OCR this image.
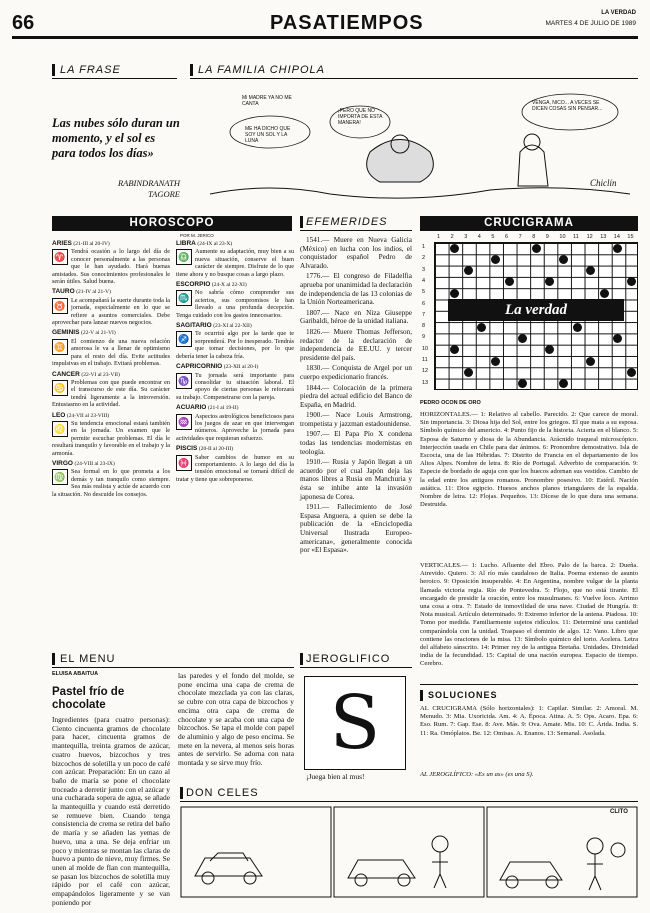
66	PASATIEMPOS	LA VERDAD
MARTES 4 DE JULIO DE 1989
LA FRASE
Las nubes sólo duran un momento, y el sol es para todos los días»
RABINDRANATH TAGORE
LA FAMILIA CHIPOLA
Mi MADRE YA NO ME CANTA
¡PERO QUE NO IMPORTA DE ESTA MANERA!
ME HA DICHO QUE SOY UN SOL Y LA LUNA
VENGA, NICO... A VECES SE DICEN COSAS SIN PENSAR...
Chiclín
HOROSCOPO
POR M. JERICO
ARIES (21-III al 20-IV)

♈
Tendrá ocasión a lo largo del día de conocer personalmente a las personas que le han ayudado. Hará buenas amistades. Sus conocimientos profesionales le serán útiles. Salud buena.
TAURO (21-IV al 21-V)

♉
Le acompañará la suerte durante toda la jornada, especialmente en lo que se refiere a asuntos comerciales. Debe aprovechar para lanzar nuevos negocios.
GEMINIS (22-V al 21-VI)

♊
El comienzo de una nueva relación amorosa le va a llenar de optimismo para el resto del día. Evite actitudes impulsivas en el trabajo. Evitará problemas.
CANCER (22-VI al 23-VII)

♋
Problemas con que puede encontrar en el transcurso de este día. Su carácter tendrá ligeramente a la introversión. Entusiasmo en la actividad.
LEO (24-VII al 23-VIII)

♌
Su tendencia emocional estará también en la jornada. Un examen que le permite escuchar problemas. El día le resultará tranquilo y favorable en el trabajo y la armonía.
VIRGO (24-VIII al 23-IX)

♍
Sea formal en lo que prometa a los demás y tan tranquilo como siempre. Sea más realista y actúe de acuerdo con la situación. No descuide los consejos.
LIBRA (24-IX al 23-X)

♎
Aumente su adaptación, muy bien a su nueva situación, conserve el buen carácter de siempre. Disfrute de lo que tiene ahora y no busque cosas a largo plazo.
ESCORPIO (24-X al 22-XI)

♏
No sabría cómo comprender sus aciertos, sus compromisos le han llevado a una profunda decepción. Tenga cuidado con los gastos innecesarios.
SAGITARIO (23-XI al 22-XII)

♐
Te ocurrirá algo por la tarde que te sorprenderá. Por lo inesperado. Tendrás que tomar decisiones, por lo que debería tener la cabeza fría.
CAPRICORNIO (23-XII al 20-I)

♑
Tu jornada será importante para consolidar tu situación laboral. El apoyo de ciertas personas le reforzará su trabajo. Compenetrarse con la pareja.
ACUARIO (21-I al 19-II)

♒
Aspectos astrológicos beneficiosos para los juegos de azar en que intervengan números. Aproveche la jornada para actividades que requieran esfuerzo.
PISCIS (20-II al 20-III)

♓
Saber cambios de humor en su comportamiento. A lo largo del día la tensión emocional se tornará difícil de tratar y tiene que sobreponerse.
EFEMERIDES

1541.— Muere en Nueva Galicia (México) en lucha con los indios, el conquistador español Pedro de Alvarado.

1776.— El congreso de Filadelfia aprueba por unanimidad la declaración de independencia de las 13 colonias de la Unión Norteamericana.

1807.— Nace en Niza Giuseppe Garibaldi, héroe de la unidad italiana.

1826.— Muere Thomas Jefferson, redactor de la declaración de independencia de EE.UU. y tercer presidente del país.

1830.— Conquista de Argel por un cuerpo expedicionario francés.

1844.— Colocación de la primera piedra del actual edificio del Banco de España, en Madrid.

1900.— Nace Louis Armstrong, trompetista y jazzman estadounidense.

1907.— El Papa Pío X condena todas las tendencias modernistas en teología.

1910.— Rusia y Japón llegan a un acuerdo por el cual Japón deja las manos libres a Rusia en Manchuria y ésta se inhibe ante la invasión japonesa de Corea.

1911.— Fallecimiento de José Espasa Anguera, a quien se debe la publicación de la «Enciclopedia Universal Ilustrada Europeo-americana», generalmente conocida por «El Espasa».

CRUCIGRAMA
1 2 3 4 5 6 7 8 9 10 11 12 13 14 15
1
2
3
4
5
6
7
8
9
10
11
12
13
La verdad
PEDRO OCON DE ORO
HORIZONTALES.— 1: Relativo al cabello. Parecido. 2: Que carece de moral. Sin importancia. 3: Diosa hija del Sol, entre los griegos. El que mata a su esposa. Símbolo químico del americio. 4: Punto fijo de la historia. Acierta en el blanco. 5: Esposa de Saturno y diosa de la Abundancia. Arácnido traqueal microscópico. Interjección usada en Chile para dar ánimos. 6: Pronombre demostrativo. Isla de Escocia, una de las Hébridas. 7: Distrito de Francia en el departamento de los Altos Alpes. Nombre de letra. 8: Río de Portugal. Adverbio de comparación. 9: Especie de bordado de aguja con que los huecos adornan sus vestidos. Cambio de la edad entre los antiguos romanos. Pronombre posesivo. 10: Estéril. Nación asiática. 11: Dios egipcio. Huesos anchos planos triangulares de la espalda. Nombre de letra. 12: Flojas. Pequeños. 13: Dícese de lo que dura una semana. Destruida.
VERTICALES.— 1: Lucho. Afluente del Ebro. Palo de la barca. 2: Dueña. Atrevido. Quiero. 3: Al río más caudaloso de Italia. Poema extenso de asunto heroico. 9: Oposición insuperable. 4: En Argentina, nombre vulgar de la planta llamada victoria regia. Río de Pontevedra. 5: Flojo, que no está tirante. El encargado de presidir la oración, entre los musulmanes. 6: Vuelve loco. Arrimo una cosa a otra. 7: Estado de inmovilidad de una nave. Ciudad de Hungría. 8: Nota musical. Artículo determinado. 9: Extremo inferior de la antena. Piadosa. 10: Tomo por medida. Familiarmente sujetos ridículos. 11: Determiné una cantidad comparándola con la unidad. Traspaso el dominio de algo. 12: Vano. Libro que contiene las oraciones de la misa. 13: Símbolo químico del torio. Acelera. Letra del alfabeto sánscrito. 14: Primer rey de la antigua Bretaña. Unidades. Divinidad india de la fecundidad. 15: Capital de una nación europea. Espacio de tiempo. Cerebro.
SOLUCIONES
AL CRUCIGRAMA (Sólo horizontales): 1: Capilar. Similar. 2: Amoral. M. Menudo. 3: Mia. Uxoricida. Am. 4: A. Época. Atina. A. 5: Ops. Acaro. Epa. 6: Eso. Rum. 7: Gap. Ese. 8: Ave. Más. 9: Ova. Amate. Mis. 10: C. Árida. India. S. 11: Ra. Omóplatos. Be. 12: Omisas. A. Enanos. 13: Semanal. Asolada.
AL JEROGLÍFICO: «Es un as» (es una S).
EL MENU
ELUISA ABAITUA
Pastel frío de chocolate
Ingredientes (para cuatro personas): Ciento cincuenta gramos de chocolate para hacer, cincuenta gramos de mantequilla, treinta gramos de azúcar, cuatro huevos, bizcochos y tres bizcochos de soletilla y un poco de café con azúcar. Preparación: En un cazo al baño de maría se pone el chocolate troceado a derretir junto con el azúcar y una cucharada sopera de agua, se añade la mantequilla y cuando está derretido se remueve bien. Cuando tenga consistencia de crema se retira del baño de maría y se añaden las yemas de huevo, una a una. Se deja enfriar un poco y mientras se montan las claras de huevo a punto de nieve, muy firmes. Se unen al molde de flan con mantequilla, se pasan los bizcochos de soletilla muy rápido por el café con azúcar, empapándolos ligeramente y se van poniendo por
las paredes y el fondo del molde, se pone encima una capa de crema de chocolate mezclada ya con las claras, se cubre con otra capa de bizcochos y encima otra capa de crema de chocolate y se acaba con una capa de bizcochos. Se tapa el molde con papel de aluminio y algo de peso encima. Se mete en la nevera, al menos seis horas antes de servirlo. Se adorna con nata montada y se sirve muy frío.
JEROGLIFICO
S
¡Juega bien al mus!
DON CELES
CLITO
